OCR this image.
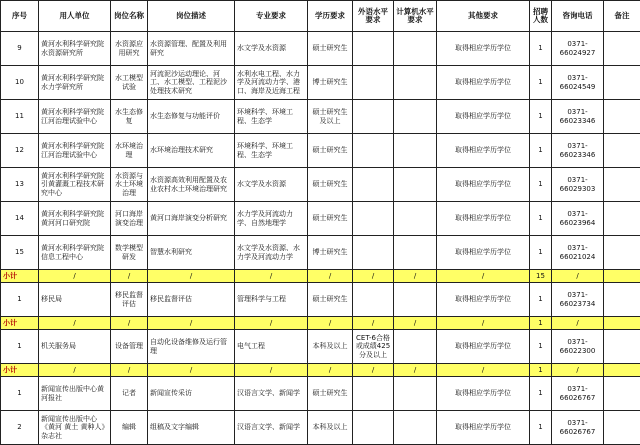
序号	用人单位	岗位名称	岗位描述	专业要求	学历要求	外语水平要求	计算机水平要求	其他要求	招聘人数	咨询电话	备注
9	黄河水利科学研究院水资源研究所	水资源应用研究	水资源管理、配置及利用研究	水文学及水资源	硕士研究生			取得相应学历学位	1	0371-66024927	
10	黄河水利科学研究院水力学研究所	水工模型试验	河流泥沙运动理论、河工、水工模型、工程泥沙处理技术研究	水利水电工程、水力学及河流动力学、港口、海岸及近海工程	博士研究生			取得相应学历学位	1	0371-66024549	
11	黄河水利科学研究院江河治理试验中心	水生态修复	水生态修复与功能评价	环境科学、环境工程、生态学	硕士研究生及以上			取得相应学历学位	1	0371-66023346	
12	黄河水利科学研究院江河治理试验中心	水环境治理	水环境治理技术研究	环境科学、环境工程、生态学	硕士研究生			取得相应学历学位	1	0371-66023346	
13	黄河水利科学研究院引黄灌溉工程技术研究中心	水资源与水土环境治理	水资源高效利用配置及农业农村水土环境治理研究	水文学及水资源	硕士研究生			取得相应学历学位	1	0371-66029303	
14	黄河水利科学研究院黄河河口研究院	河口海岸演变治理	黄河口海岸演变分析研究	水力学及河流动力学、自然地理学	硕士研究生			取得相应学历学位	1	0371-66023964	
15	黄河水利科学研究院信息工程中心	数学模型研发	智慧水利研究	水文学及水资源、水力学及河流动力学	博士研究生			取得相应学历学位	1	0371-66021024	
小计	/	/	/	/	/	/	/	/	15	/	
1	移民局	移民监督评估	移民监督评估	管理科学与工程	硕士研究生			取得相应学历学位	1	0371-66023734	
小计	/	/	/	/	/	/	/	/	1	/	
1	机关服务局	设备管理	自动化设备维修及运行管理	电气工程	本科及以上	CET-6合格或成绩425分及以上		取得相应学历学位	1	0371-66022300	
小计	/	/	/	/	/	/	/	/	1	/	
1	新闻宣传出版中心黄河报社	记者	新闻宣传采访	汉语言文学、新闻学	硕士研究生			取得相应学历学位	1	0371-66026767	
2	新闻宣传出版中心《黄河 黄土 黄种人》杂志社	编辑	组稿及文字编辑	汉语言文学、新闻学	本科及以上			取得相应学历学位	1	0371-66026767	
